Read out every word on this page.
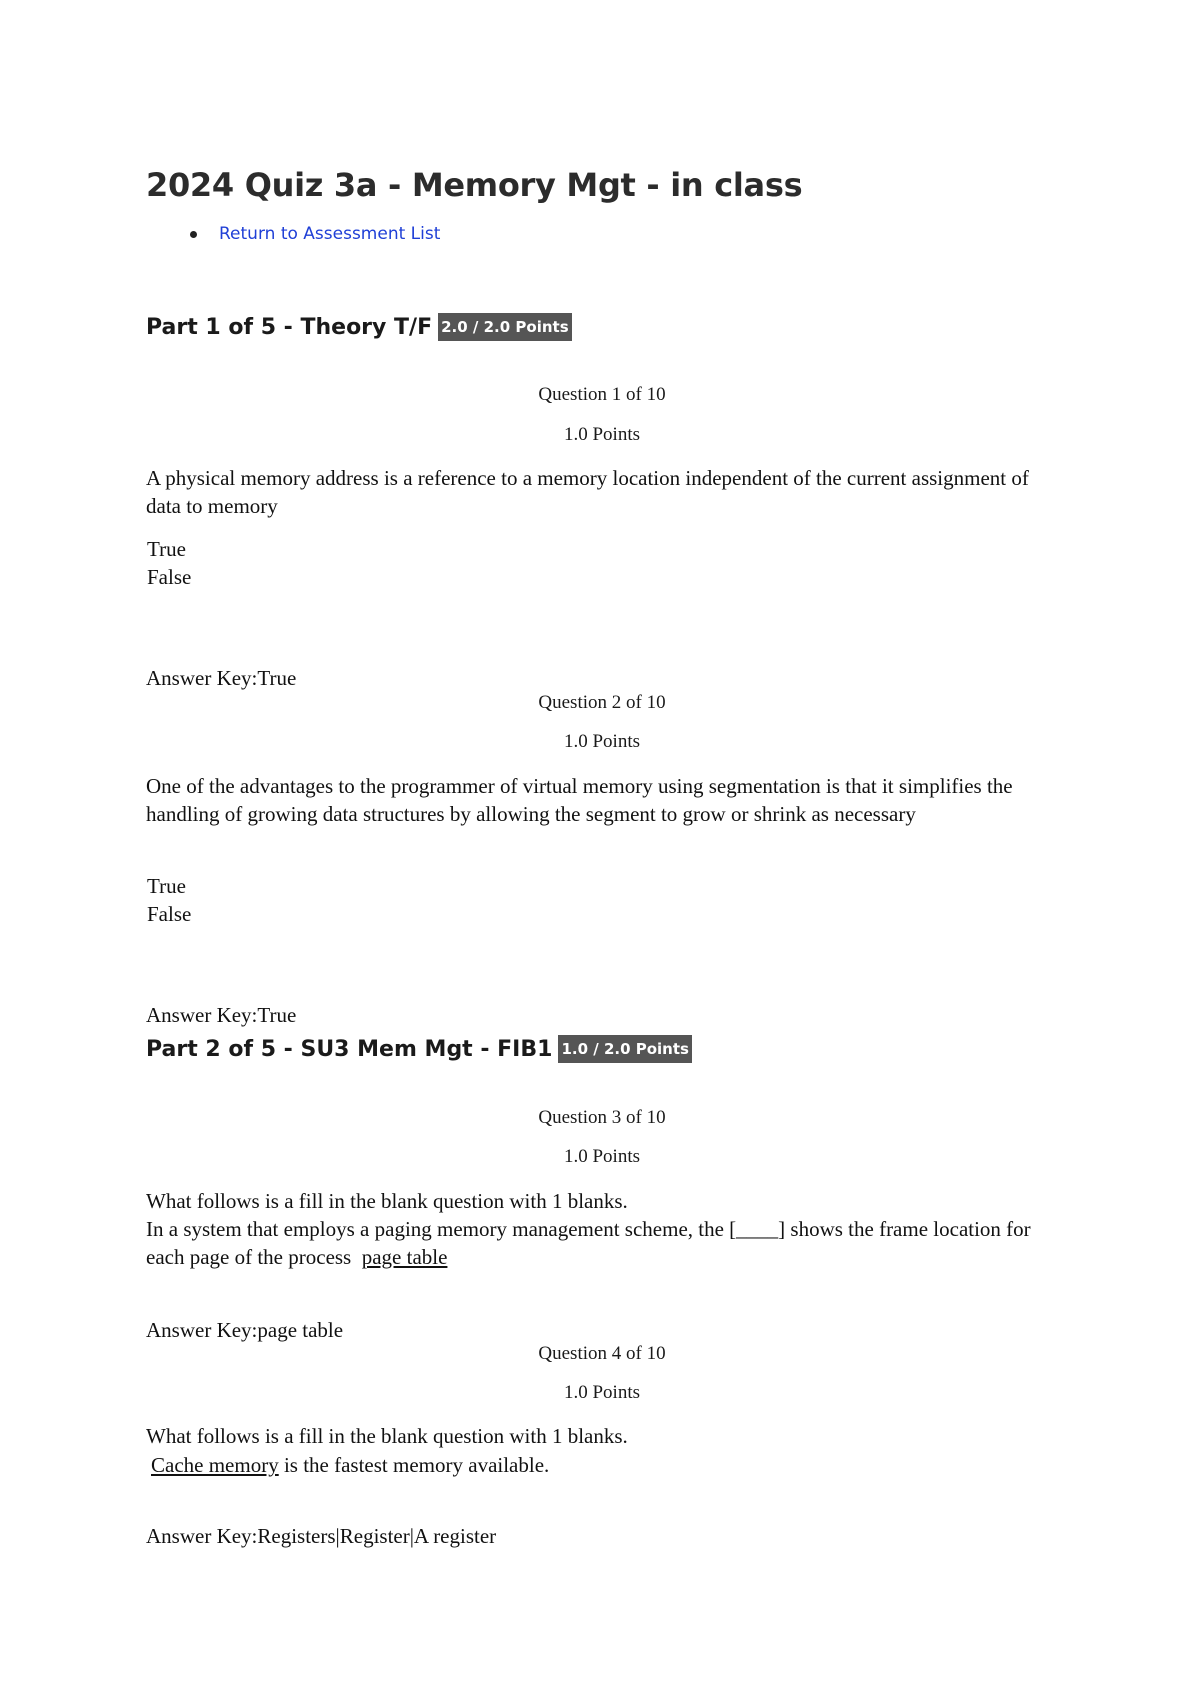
2024 Quiz 3a - Memory Mgt - in class
Return to Assessment List
Part 1 of 5 - Theory T/F 2.0 / 2.0 Points
Question 1 of 10
1.0 Points
A physical memory address is a reference to a memory location independent of the current assignment of data to memory
True
False
Answer Key:True
Question 2 of 10
1.0 Points
One of the advantages to the programmer of virtual memory using segmentation is that it simplifies the handling of growing data structures by allowing the segment to grow or shrink as necessary
True
False
Answer Key:True
Part 2 of 5 - SU3 Mem Mgt - FIB1 1.0 / 2.0 Points
Question 3 of 10
1.0 Points
What follows is a fill in the blank question with 1 blanks.
In a system that employs a paging memory management scheme, the [____] shows the frame location for each page of the process page table
Answer Key:page table
Question 4 of 10
1.0 Points
What follows is a fill in the blank question with 1 blanks.
Cache memory is the fastest memory available.
Answer Key:Registers|Register|A register
